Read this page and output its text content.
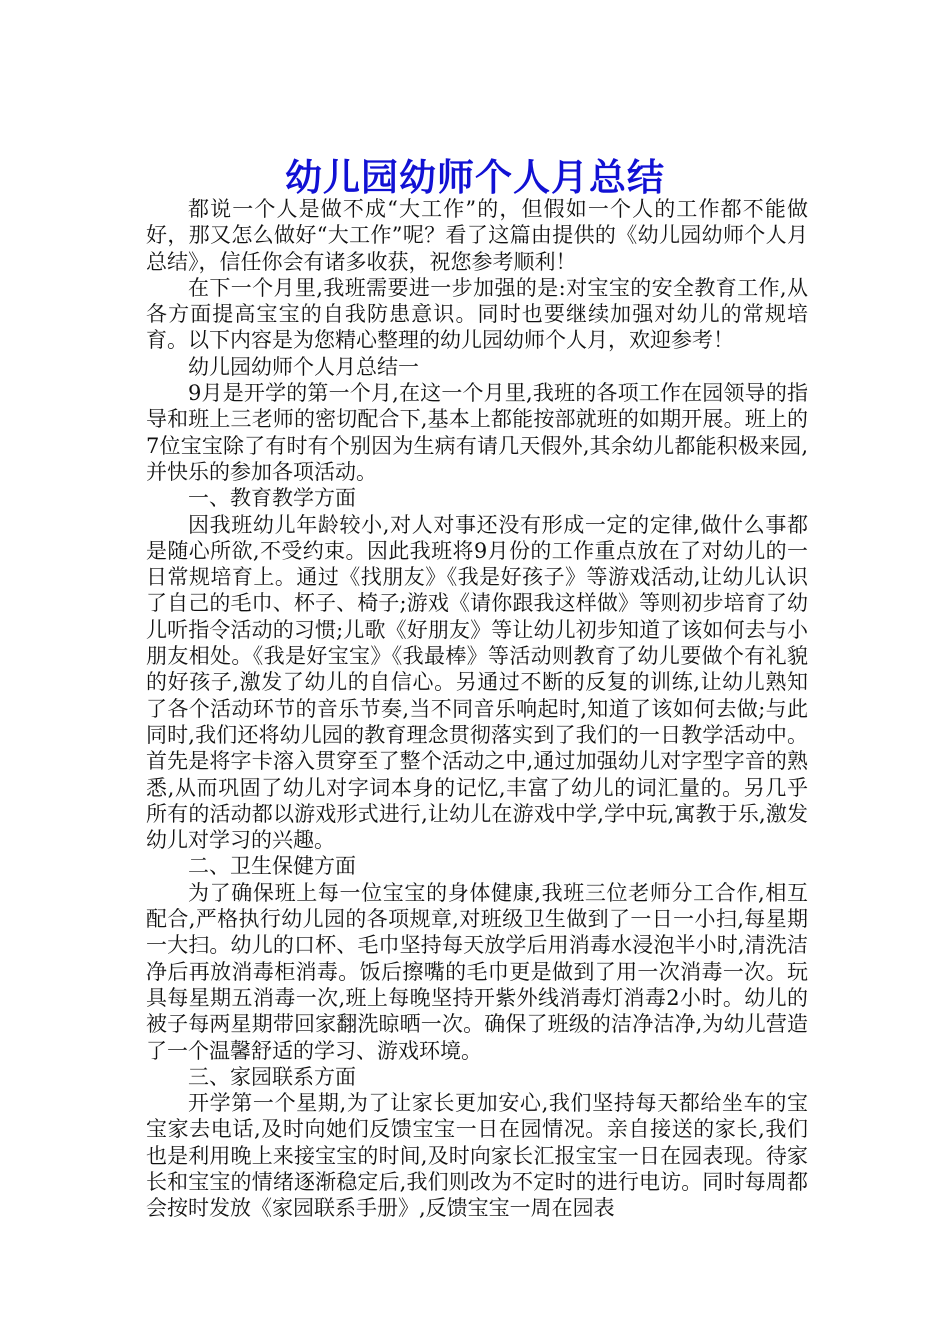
幼儿园幼师个人月总结

都说一个人是做不成“大工作”的，但假如一个人的工作都不能做好，那又怎么做好“大工作”呢？看了这篇由提供的《幼儿园幼师个人月总结》，信任你会有诸多收获，祝您参考顺利！

在下一个月里,我班需要进一步加强的是:对宝宝的安全教育工作,从各方面提高宝宝的自我防患意识。同时也要继续加强对幼儿的常规培育。以下内容是为您精心整理的幼儿园幼师个人月，欢迎参考！

幼儿园幼师个人月总结一

9月是开学的第一个月,在这一个月里,我班的各项工作在园领导的指导和班上三老师的密切配合下,基本上都能按部就班的如期开展。班上的7位宝宝除了有时有个别因为生病有请几天假外,其余幼儿都能积极来园,并快乐的参加各项活动。

一、教育教学方面

因我班幼儿年龄较小,对人对事还没有形成一定的定律,做什么事都是随心所欲,不受约束。因此我班将9月份的工作重点放在了对幼儿的一日常规培育上。通过《找朋友》《我是好孩子》等游戏活动,让幼儿认识了自己的毛巾、杯子、椅子;游戏《请你跟我这样做》等则初步培育了幼儿听指令活动的习惯;儿歌《好朋友》等让幼儿初步知道了该如何去与小朋友相处。《我是好宝宝》《我最棒》等活动则教育了幼儿要做个有礼貌的好孩子,激发了幼儿的自信心。另通过不断的反复的训练,让幼儿熟知了各个活动环节的音乐节奏,当不同音乐响起时,知道了该如何去做;与此同时,我们还将幼儿园的教育理念贯彻落实到了我们的一日教学活动中。首先是将字卡溶入贯穿至了整个活动之中,通过加强幼儿对字型字音的熟悉,从而巩固了幼儿对字词本身的记忆,丰富了幼儿的词汇量的。另几乎所有的活动都以游戏形式进行,让幼儿在游戏中学,学中玩,寓教于乐,激发幼儿对学习的兴趣。

二、卫生保健方面

为了确保班上每一位宝宝的身体健康,我班三位老师分工合作,相互配合,严格执行幼儿园的各项规章,对班级卫生做到了一日一小扫,每星期一大扫。幼儿的口杯、毛巾坚持每天放学后用消毒水浸泡半小时,清洗洁净后再放消毒柜消毒。饭后擦嘴的毛巾更是做到了用一次消毒一次。玩具每星期五消毒一次,班上每晚坚持开紫外线消毒灯消毒2小时。幼儿的被子每两星期带回家翻洗晾晒一次。确保了班级的洁净洁净,为幼儿营造了一个温馨舒适的学习、游戏环境。

三、家园联系方面

开学第一个星期,为了让家长更加安心,我们坚持每天都给坐车的宝宝家去电话,及时向她们反馈宝宝一日在园情况。亲自接送的家长,我们也是利用晚上来接宝宝的时间,及时向家长汇报宝宝一日在园表现。待家长和宝宝的情绪逐渐稳定后,我们则改为不定时的进行电访。同时每周都会按时发放《家园联系手册》,反馈宝宝一周在园表
